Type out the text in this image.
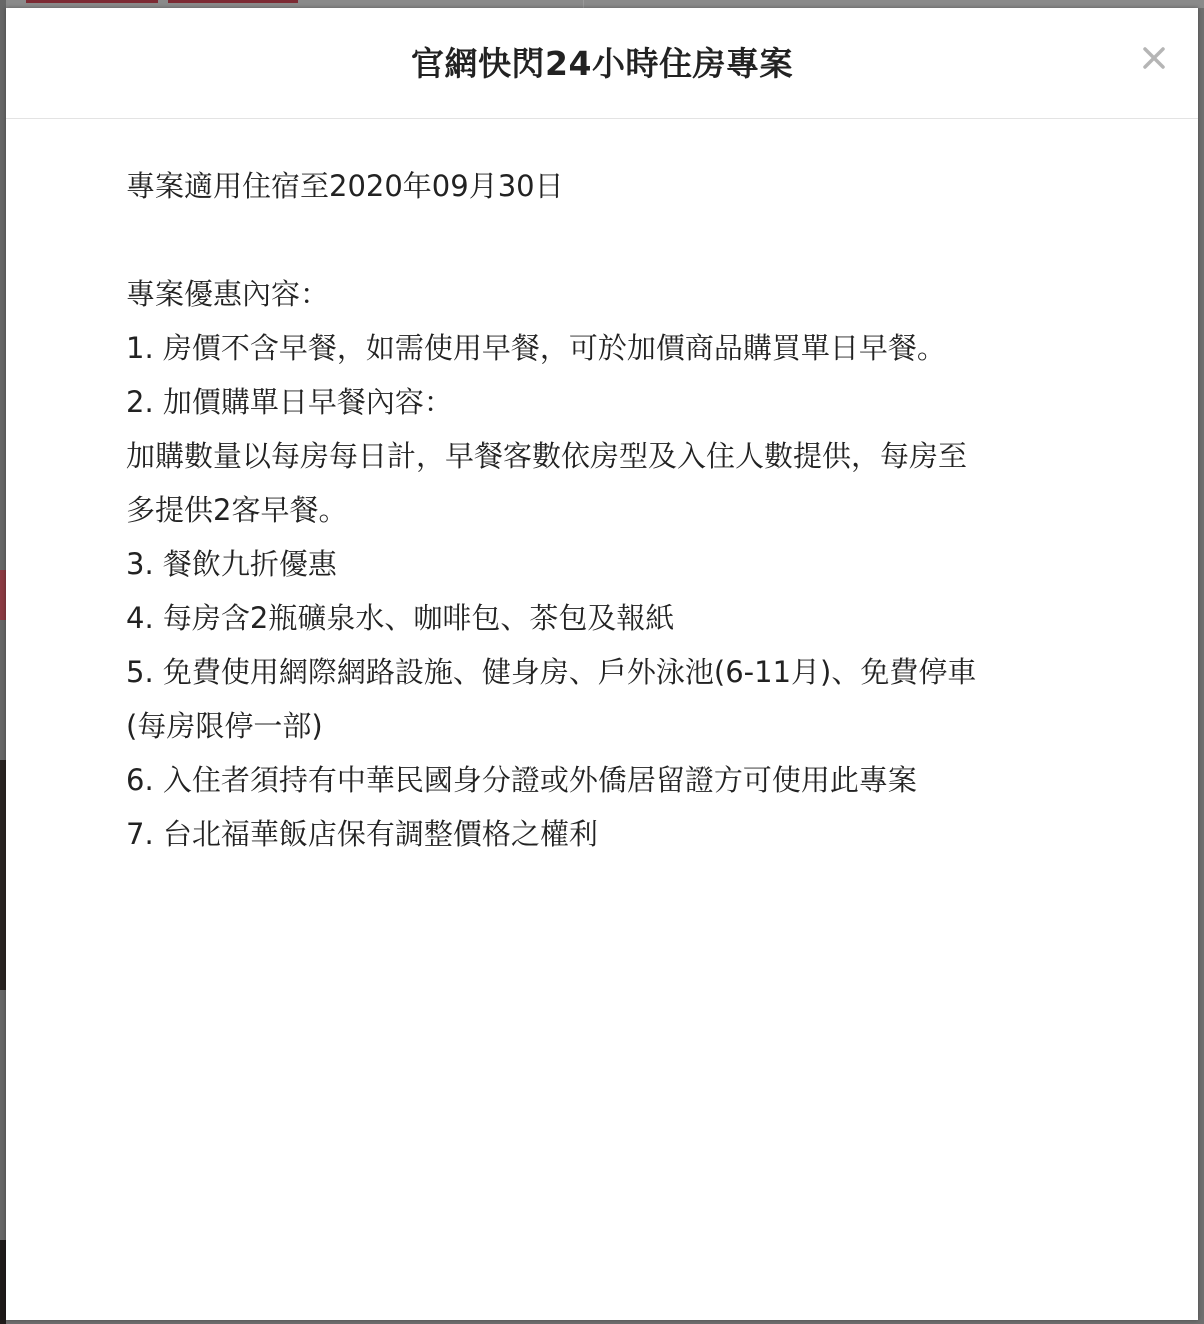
官網快閃24小時住房專案

專案適用住宿至2020年09月30日

專案優惠內容：

1. 房價不含早餐，如需使用早餐，可於加價商品購買單日早餐。

2. 加價購單日早餐內容：

加購數量以每房每日計，早餐客數依房型及入住人數提供，每房至

多提供2客早餐。

3. 餐飲九折優惠

4. 每房含2瓶礦泉水、咖啡包、茶包及報紙

5. 免費使用網際網路設施、健身房、戶外泳池(6-11月)、免費停車

(每房限停一部)

6. 入住者須持有中華民國身分證或外僑居留證方可使用此專案

7. 台北福華飯店保有調整價格之權利
